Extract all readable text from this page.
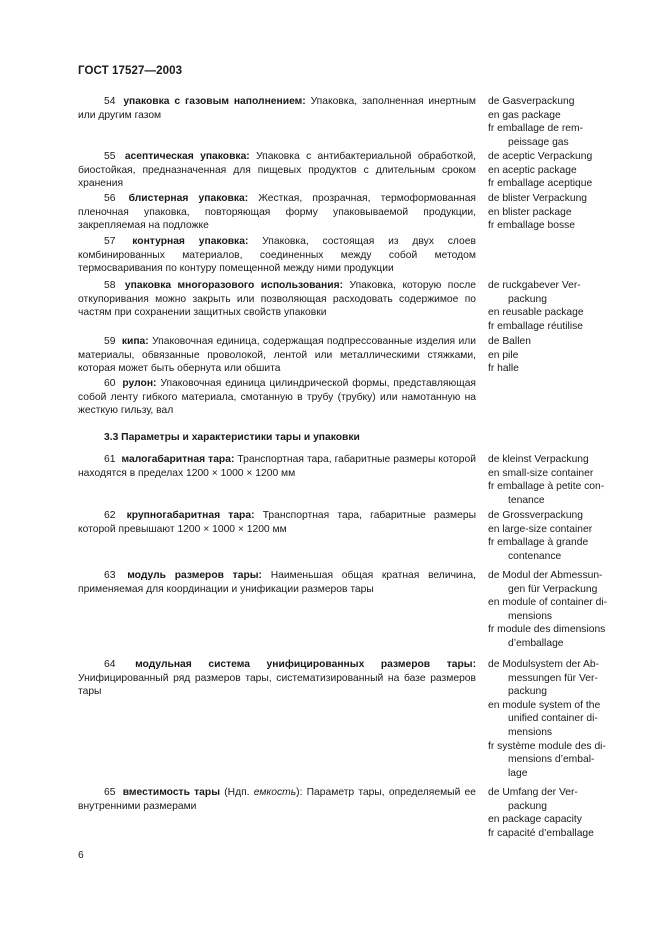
ГОСТ 17527—2003
54 упаковка с газовым наполнением: Упаковка, заполненная инертным или другим газом
de Gasverpackung
en gas package
fr emballage de rem-
peissage gas
55 асептическая упаковка: Упаковка с антибактериальной обработкой, биостойкая, предназначенная для пищевых продуктов с длительным сроком хранения
de aceptic Verpackung
en aceptic package
fr emballage aceptique
56 блистерная упаковка: Жесткая, прозрачная, термоформованная пленочная упаковка, повторяющая форму упаковываемой продукции, закрепляемая на подложке
de blister Verpackung
en blister package
fr emballage bosse
57 контурная упаковка: Упаковка, состоящая из двух слоев комбинированных материалов, соединенных между собой методом термосваривания по контуру помещенной между ними продукции
58 упаковка многоразового использования: Упаковка, которую после откупоривания можно закрыть или позволяющая расходовать содержимое по частям при сохранении защитных свойств упаковки
de ruckgabever Ver-
packung
en reusable package
fr emballage réutilise
59 кипа: Упаковочная единица, содержащая подпрессованные изделия или материалы, обвязанные проволокой, лентой или металлическими стяжками, которая может быть обернута или обшита
de Ballen
en pile
fr halle
60 рулон: Упаковочная единица цилиндрической формы, представляющая собой ленту гибкого материала, смотанную в трубу (трубку) или намотанную на жесткую гильзу, вал
3.3 Параметры и характеристики тары и упаковки
61 малогабаритная тара: Транспортная тара, габаритные размеры которой находятся в пределах 1200 × 1000 × 1200 мм
de kleinst Verpackung
en small-size container
fr emballage à petite con-
tenance
62 крупногабаритная тара: Транспортная тара, габаритные размеры которой превышают 1200 × 1000 × 1200 мм
de Grossverpackung
en large-size container
fr emballage à grande
contenance
63 модуль размеров тары: Наименьшая общая кратная величина, применяемая для координации и унификации размеров тары
de Modul der Abmessun-
gen für Verpackung
en module of container di-
mensions
fr module des dimensions
d’emballage
64 модульная система унифицированных размеров тары: Унифицированный ряд размеров тары, систематизированный на базе размеров тары
de Modulsystem der Ab-
messungen für Ver-
packung
en module system of the
unified container di-
mensions
fr système module des di-
mensions d’embal-
lage
65 вместимость тары (Ндп. емкость): Параметр тары, определяемый ее внутренними размерами
de Umfang der Ver-
packung
en package capacity
fr capacité d’emballage
6
